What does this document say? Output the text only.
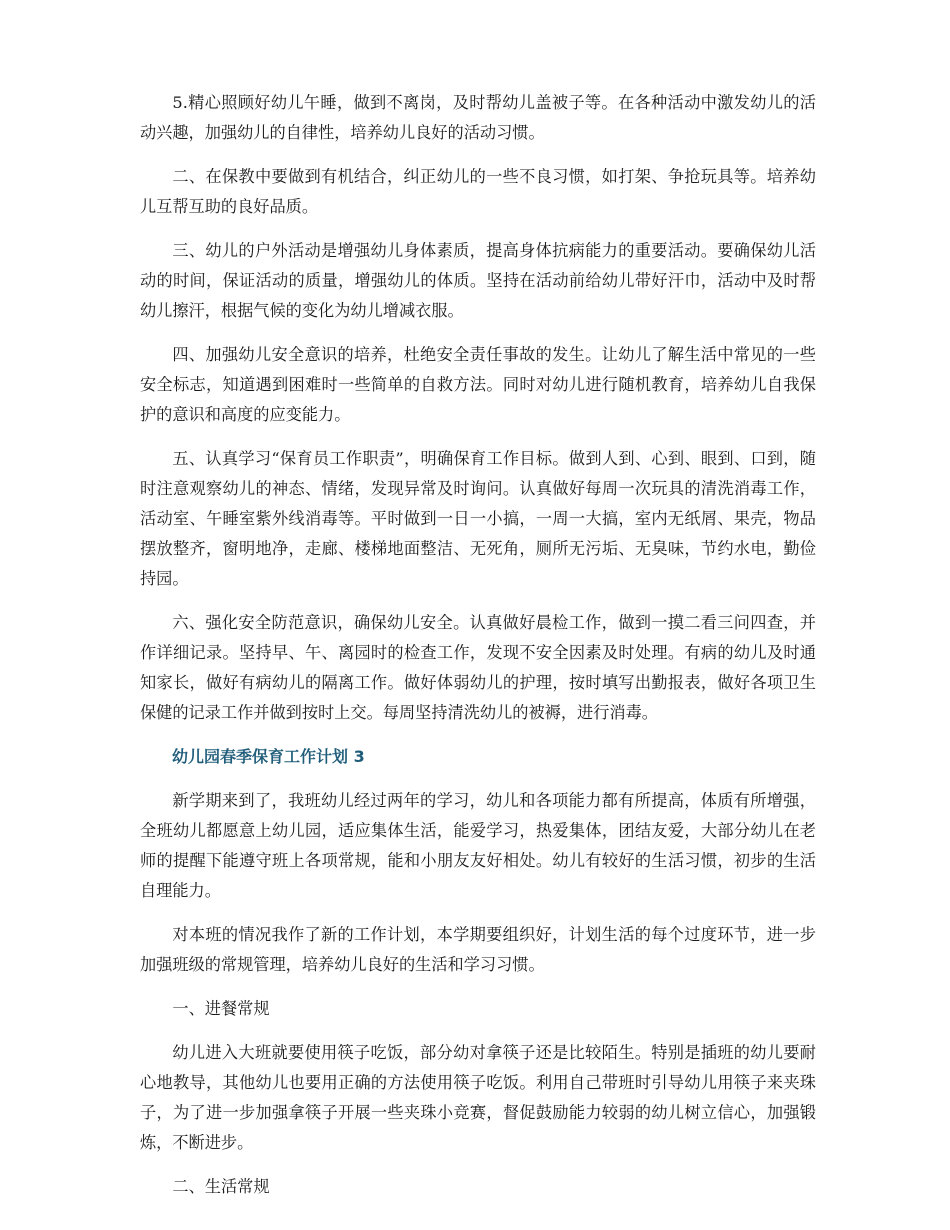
5.精心照顾好幼儿午睡，做到不离岗，及时帮幼儿盖被子等。在各种活动中激发幼儿的活动兴趣，加强幼儿的自律性，培养幼儿良好的活动习惯。

二、在保教中要做到有机结合，纠正幼儿的一些不良习惯，如打架、争抢玩具等。培养幼儿互帮互助的良好品质。

三、幼儿的户外活动是增强幼儿身体素质，提高身体抗病能力的重要活动。要确保幼儿活动的时间，保证活动的质量，增强幼儿的体质。坚持在活动前给幼儿带好汗巾，活动中及时帮幼儿擦汗，根据气候的变化为幼儿增减衣服。

四、加强幼儿安全意识的培养，杜绝安全责任事故的发生。让幼儿了解生活中常见的一些安全标志，知道遇到困难时一些简单的自救方法。同时对幼儿进行随机教育，培养幼儿自我保护的意识和高度的应变能力。

五、认真学习“保育员工作职责”，明确保育工作目标。做到人到、心到、眼到、口到，随时注意观察幼儿的神态、情绪，发现异常及时询问。认真做好每周一次玩具的清洗消毒工作，活动室、午睡室紫外线消毒等。平时做到一日一小搞，一周一大搞，室内无纸屑、果壳，物品摆放整齐，窗明地净，走廊、楼梯地面整洁、无死角，厕所无污垢、无臭味，节约水电，勤俭持园。

六、强化安全防范意识，确保幼儿安全。认真做好晨检工作，做到一摸二看三问四查，并作详细记录。坚持早、午、离园时的检查工作，发现不安全因素及时处理。有病的幼儿及时通知家长，做好有病幼儿的隔离工作。做好体弱幼儿的护理，按时填写出勤报表，做好各项卫生保健的记录工作并做到按时上交。每周坚持清洗幼儿的被褥，进行消毒。

幼儿园春季保育工作计划 3

新学期来到了，我班幼儿经过两年的学习，幼儿和各项能力都有所提高，体质有所增强，全班幼儿都愿意上幼儿园，适应集体生活，能爱学习，热爱集体，团结友爱，大部分幼儿在老师的提醒下能遵守班上各项常规，能和小朋友友好相处。幼儿有较好的生活习惯，初步的生活自理能力。

对本班的情况我作了新的工作计划，本学期要组织好，计划生活的每个过度环节，进一步加强班级的常规管理，培养幼儿良好的生活和学习习惯。

一、进餐常规

幼儿进入大班就要使用筷子吃饭，部分幼对拿筷子还是比较陌生。特别是插班的幼儿要耐心地教导，其他幼儿也要用正确的方法使用筷子吃饭。利用自己带班时引导幼儿用筷子来夹珠子，为了进一步加强拿筷子开展一些夹珠小竞赛，督促鼓励能力较弱的幼儿树立信心，加强锻炼，不断进步。

二、生活常规
